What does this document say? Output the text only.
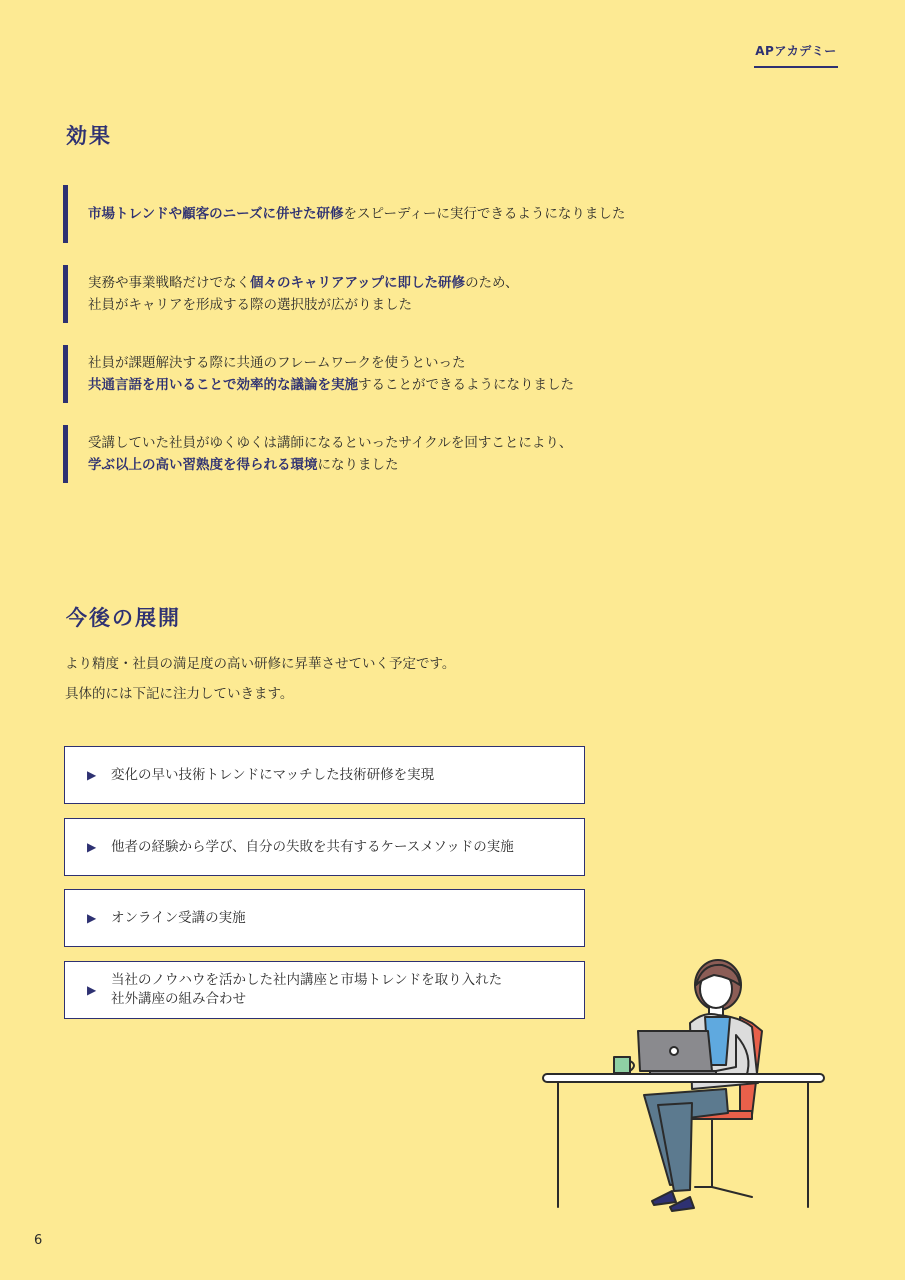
APアカデミー
効果
市場トレンドや顧客のニーズに併せた研修をスピーディーに実行できるようになりました
実務や事業戦略だけでなく個々のキャリアアップに即した研修のため、
社員がキャリアを形成する際の選択肢が広がりました
社員が課題解決する際に共通のフレームワークを使うといった
共通言語を用いることで効率的な議論を実施することができるようになりました
受講していた社員がゆくゆくは講師になるといったサイクルを回すことにより、
学ぶ以上の高い習熟度を得られる環境になりました
今後の展開
より精度・社員の満足度の高い研修に昇華させていく予定です。
具体的には下記に注力していきます。
▶	変化の早い技術トレンドにマッチした技術研修を実現
▶	他者の経験から学び、自分の失敗を共有するケースメソッドの実施
▶	オンライン受講の実施
▶
当社のノウハウを活かした社内講座と市場トレンドを取り入れた
社外講座の組み合わせ
6
